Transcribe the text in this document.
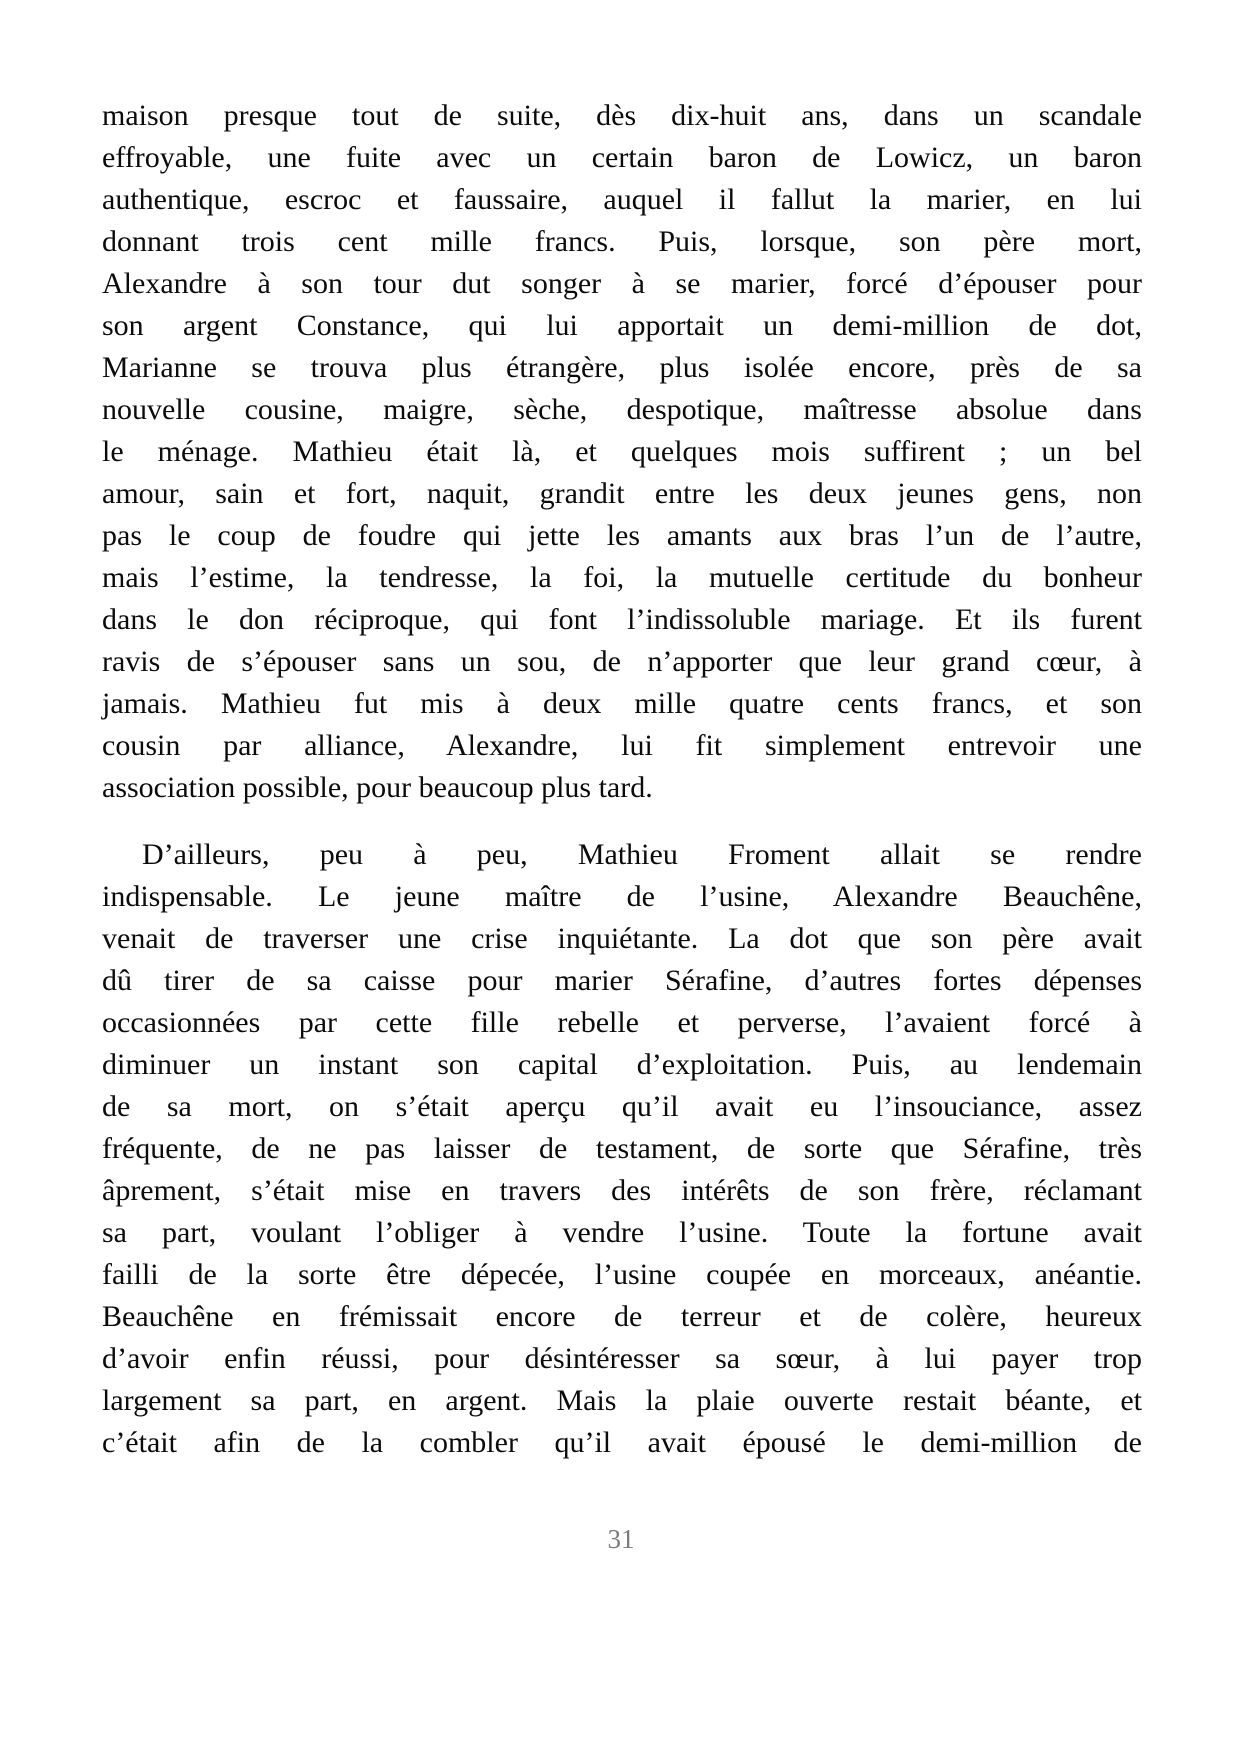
maison presque tout de suite, dès dix-huit ans, dans un scandale
effroyable, une fuite avec un certain baron de Lowicz, un baron
authentique, escroc et faussaire, auquel il fallut la marier, en lui
donnant trois cent mille francs. Puis, lorsque, son père mort,
Alexandre à son tour dut songer à se marier, forcé d’épouser pour
son argent Constance, qui lui apportait un demi-million de dot,
Marianne se trouva plus étrangère, plus isolée encore, près de sa
nouvelle cousine, maigre, sèche, despotique, maîtresse absolue dans
le ménage. Mathieu était là, et quelques mois suffirent ; un bel
amour, sain et fort, naquit, grandit entre les deux jeunes gens, non
pas le coup de foudre qui jette les amants aux bras l’un de l’autre,
mais l’estime, la tendresse, la foi, la mutuelle certitude du bonheur
dans le don réciproque, qui font l’indissoluble mariage. Et ils furent
ravis de s’épouser sans un sou, de n’apporter que leur grand cœur, à
jamais. Mathieu fut mis à deux mille quatre cents francs, et son
cousin par alliance, Alexandre, lui fit simplement entrevoir une
association possible, pour beaucoup plus tard.
D’ailleurs, peu à peu, Mathieu Froment allait se rendre
indispensable. Le jeune maître de l’usine, Alexandre Beauchêne,
venait de traverser une crise inquiétante. La dot que son père avait
dû tirer de sa caisse pour marier Sérafine, d’autres fortes dépenses
occasionnées par cette fille rebelle et perverse, l’avaient forcé à
diminuer un instant son capital d’exploitation. Puis, au lendemain
de sa mort, on s’était aperçu qu’il avait eu l’insouciance, assez
fréquente, de ne pas laisser de testament, de sorte que Sérafine, très
âprement, s’était mise en travers des intérêts de son frère, réclamant
sa part, voulant l’obliger à vendre l’usine. Toute la fortune avait
failli de la sorte être dépecée, l’usine coupée en morceaux, anéantie.
Beauchêne en frémissait encore de terreur et de colère, heureux
d’avoir enfin réussi, pour désintéresser sa sœur, à lui payer trop
largement sa part, en argent. Mais la plaie ouverte restait béante, et
c’était afin de la combler qu’il avait épousé le demi-million de
31
